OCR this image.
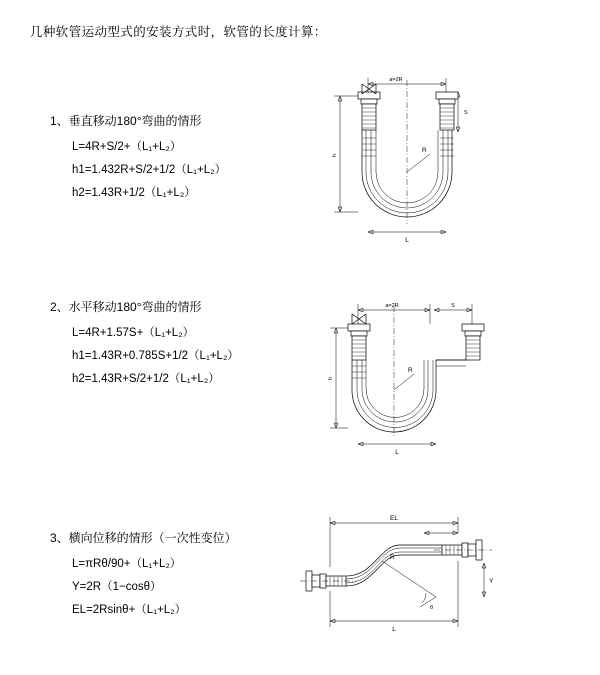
几种软管运动型式的安装方式时，软管的长度计算：
1、垂直移动180°弯曲的情形
L=4R+S/2+（L₁+L₂）
h1=1.432R+S/2+1/2（L₁+L₂）
h2=1.43R+1/2（L₁+L₂）
a=2R
S
R
h
L
2、水平移动180°弯曲的情形
L=4R+1.57S+（L₁+L₂）
h1=1.43R+0.785S+1/2（L₁+L₂）
h2=1.43R+S/2+1/2（L₁+L₂）
a=2R	S
R
h
L
3、横向位移的情形（一次性变位）
L=πRθ/90+（L₁+L₂）
Y=2R（1−cosθ）
EL=2Rsinθ+（L₁+L₂）
EL
Y
R
θ
L
